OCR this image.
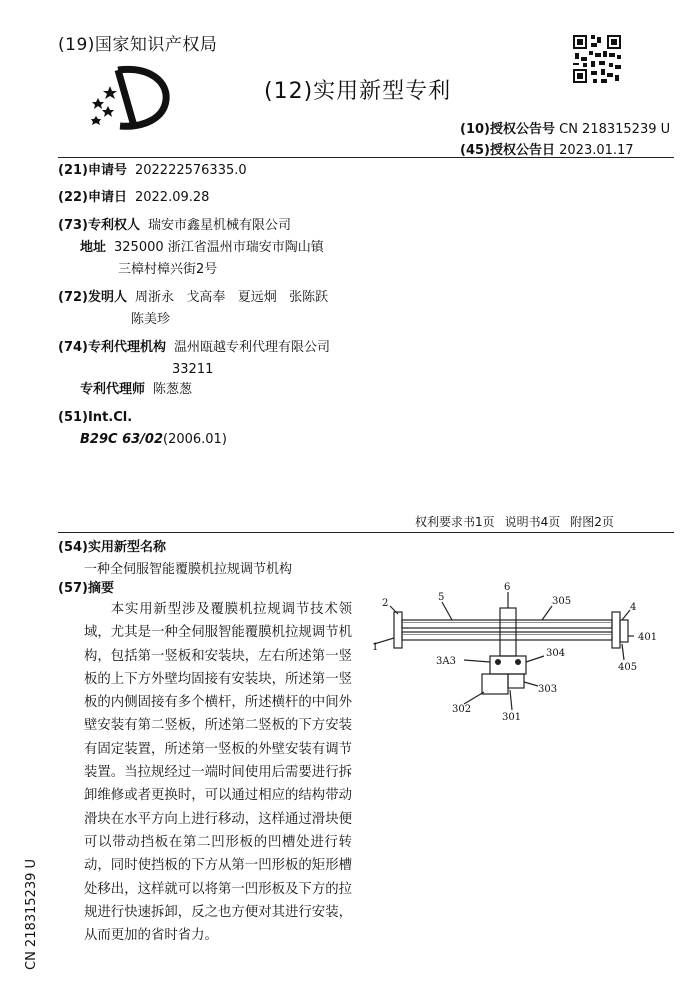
(19)国家知识产权局
(12)实用新型专利
(10)授权公告号 CN 218315239 U
(45)授权公告日 2023.01.17
(21)申请号 202222576335.0
(22)申请日 2022.09.28
(73)专利权人 瑞安市鑫星机械有限公司
地址 325000 浙江省温州市瑞安市陶山镇
三樟村樟兴街2号
(72)发明人 周浙永   戈高奉   夏远炯   张陈跃
陈美珍
(74)专利代理机构 温州瓯越专利代理有限公司
33211
专利代理师 陈葱葱
(51)Int.Cl.
B29C 63/02(2006.01)
权利要求书1页 说明书4页 附图2页
(54)实用新型名称
一种全伺服智能覆膜机拉规调节机构
(57)摘要

本实用新型涉及覆膜机拉规调节技术领域，尤其是一种全伺服智能覆膜机拉规调节机构，包括第一竖板和安装块，左右所述第一竖板的上下方外壁均固接有安装块，所述第一竖板的内侧固接有多个横杆，所述横杆的中间外壁安装有第二竖板，所述第二竖板的下方安装有固定装置，所述第一竖板的外壁安装有调节装置。当拉规经过一端时间使用后需要进行拆卸维修或者更换时，可以通过相应的结构带动滑块在水平方向上进行移动，这样通过滑块便可以带动挡板在第二凹形板的凹槽处进行转动，同时使挡板的下方从第一凹形板的矩形槽处移出，这样就可以将第一凹形板及下方的拉规进行快速拆卸，反之也方便对其进行安装，从而更加的省时省力。

1
2
5
6
305
4
401
3A3
304
405
303
302
301
CN 218315239 U
